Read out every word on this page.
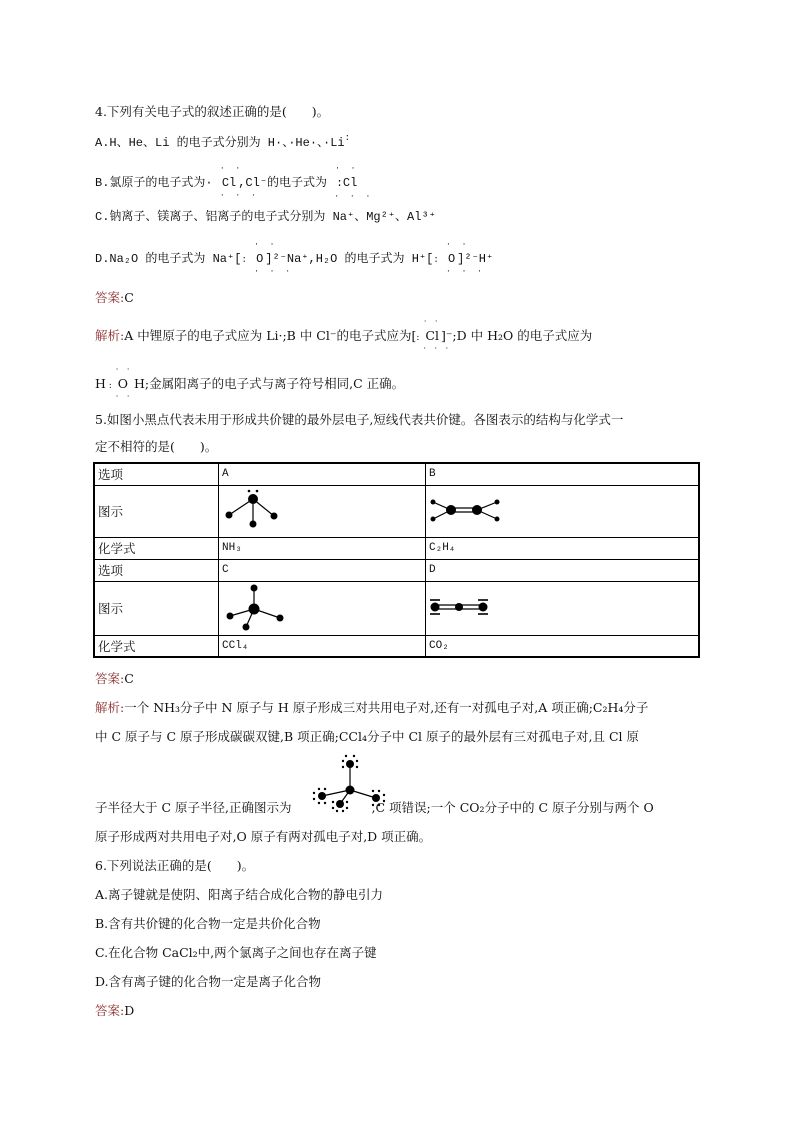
4.下列有关电子式的叙述正确的是(　　)。
A.H、He、Li 的电子式分别为 H·、·He·、·Li:
B.氯原子的电子式为·
· ·
Cl
· · ·
,Cl⁻的电子式为
· ·
:Cl
· · ·
C.钠离子、镁离子、铝离子的电子式分别为 Na⁺、Mg²⁺、Al³⁺
D.Na₂O 的电子式为 Na⁺[:
· ·
O
· · ·
]²⁻Na⁺,H₂O 的电子式为 H⁺[:
· ·
O
· · ·
]²⁻H⁺
答案:C
解析:A 中锂原子的电子式应为 Li·;B 中 Cl⁻的电子式应为[:
· ·
Cl
· · ·
]⁻;D 中 H₂O 的电子式应为
H :
· ·
O
· ·
H;金属阳离子的电子式与离子符号相同,C 正确。
5.如图小黑点代表未用于形成共价键的最外层电子,短线代表共价键。各图表示的结构与化学式一
定不相符的是(　　)。
选项	A	B
图示		
化学式	NH₃	C₂H₄
选项	C	D
图示		
化学式	CCl₄	CO₂
答案:C
解析:一个 NH₃分子中 N 原子与 H 原子形成三对共用电子对,还有一对孤电子对,A 项正确;C₂H₄分子
中 C 原子与 C 原子形成碳碳双键,B 项正确;CCl₄分子中 Cl 原子的最外层有三对孤电子对,且 Cl 原
子半径大于 C 原子半径,正确图示为	,C 项错误;一个 CO₂分子中的 C 原子分别与两个 O
原子形成两对共用电子对,O 原子有两对孤电子对,D 项正确。
6.下列说法正确的是(　　)。
A.离子键就是使阴、阳离子结合成化合物的静电引力
B.含有共价键的化合物一定是共价化合物
C.在化合物 CaCl₂中,两个氯离子之间也存在离子键
D.含有离子键的化合物一定是离子化合物
答案:D
